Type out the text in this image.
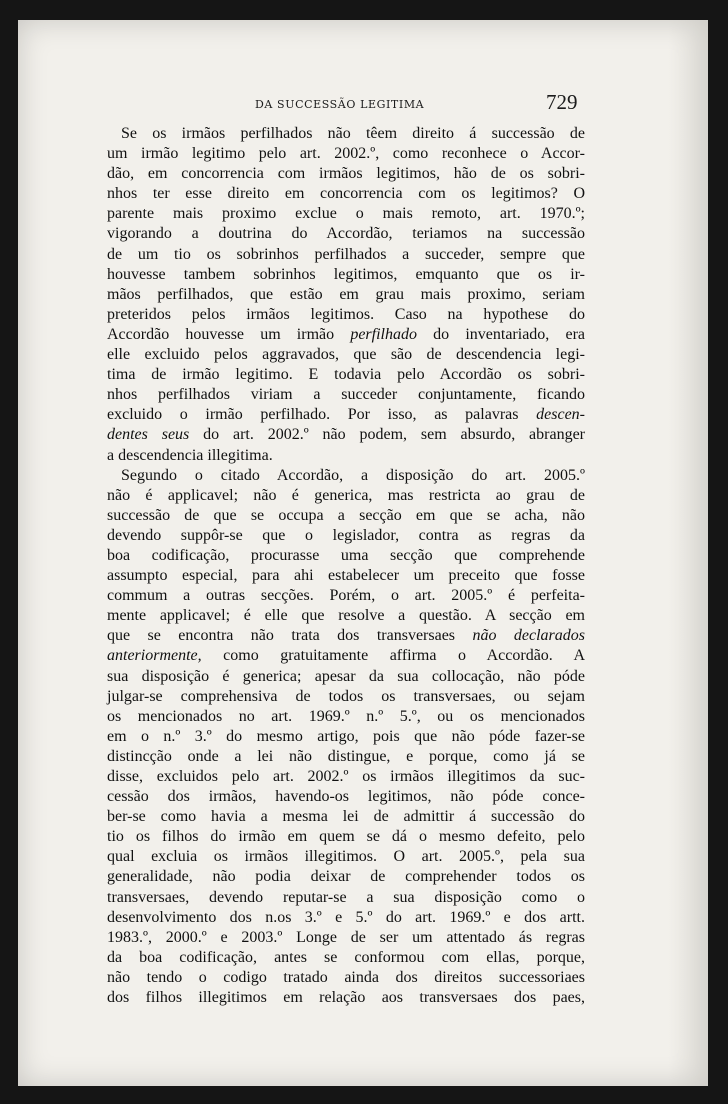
DA SUCCESSÃO LEGITIMA	729
Se os irmãos perfilhados não têem direito á successão de
um irmão legitimo pelo art. 2002.º, como reconhece o Accor-
dão, em concorrencia com irmãos legitimos, hão de os sobri-
nhos ter esse direito em concorrencia com os legitimos? O
parente mais proximo exclue o mais remoto, art. 1970.º;
vigorando a doutrina do Accordão, teriamos na successão
de um tio os sobrinhos perfilhados a succeder, sempre que
houvesse tambem sobrinhos legitimos, emquanto que os ir-
mãos perfilhados, que estão em grau mais proximo, seriam
preteridos pelos irmãos legitimos. Caso na hypothese do
Accordão houvesse um irmão perfilhado do inventariado, era
elle excluido pelos aggravados, que são de descendencia legi-
tima de irmão legitimo. E todavia pelo Accordão os sobri-
nhos perfilhados viriam a succeder conjuntamente, ficando
excluido o irmão perfilhado. Por isso, as palavras descen-
dentes seus do art. 2002.º não podem, sem absurdo, abranger
a descendencia illegitima.
Segundo o citado Accordão, a disposição do art. 2005.º
não é applicavel; não é generica, mas restricta ao grau de
successão de que se occupa a secção em que se acha, não
devendo suppôr-se que o legislador, contra as regras da
boa codificação, procurasse uma secção que comprehende
assumpto especial, para ahi estabelecer um preceito que fosse
commum a outras secções. Porém, o art. 2005.º é perfeita-
mente applicavel; é elle que resolve a questão. A secção em
que se encontra não trata dos transversaes não declarados
anteriormente, como gratuitamente affirma o Accordão. A
sua disposição é generica; apesar da sua collocação, não póde
julgar-se comprehensiva de todos os transversaes, ou sejam
os mencionados no art. 1969.º n.º 5.º, ou os mencionados
em o n.º 3.º do mesmo artigo, pois que não póde fazer-se
distincção onde a lei não distingue, e porque, como já se
disse, excluidos pelo art. 2002.º os irmãos illegitimos da suc-
cessão dos irmãos, havendo-os legitimos, não póde conce-
ber-se como havia a mesma lei de admittir á successão do
tio os filhos do irmão em quem se dá o mesmo defeito, pelo
qual excluia os irmãos illegitimos. O art. 2005.º, pela sua
generalidade, não podia deixar de comprehender todos os
transversaes, devendo reputar-se a sua disposição como o
desenvolvimento dos n.os 3.º e 5.º do art. 1969.º e dos artt.
1983.º, 2000.º e 2003.º Longe de ser um attentado ás regras
da boa codificação, antes se conformou com ellas, porque,
não tendo o codigo tratado ainda dos direitos successoriaes
dos filhos illegitimos em relação aos transversaes dos paes,
